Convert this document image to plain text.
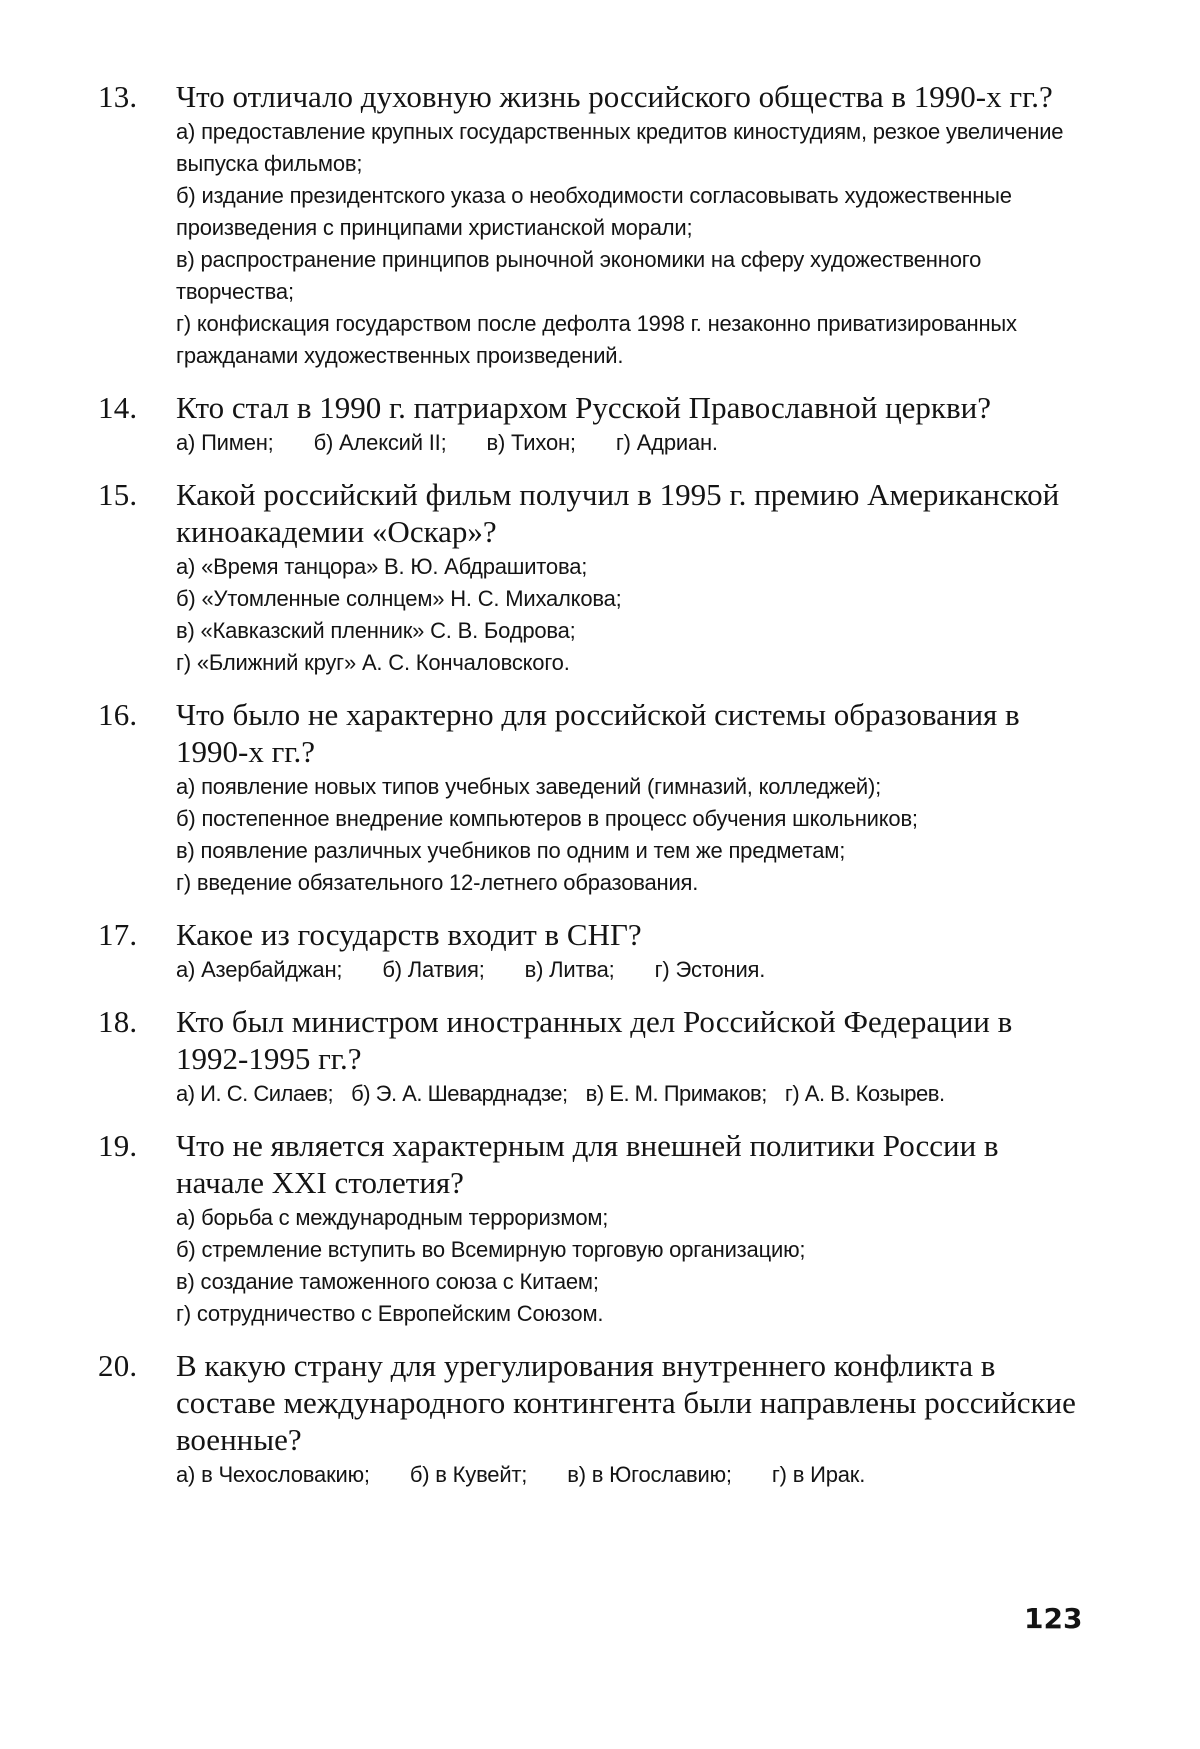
13.	Что отличало духовную жизнь российского общества в 1990-х гг.?
а) предоставление крупных государственных кредитов киностудиям, резкое увеличение выпуска фильмов;
б) издание президентского указа о необходимости согласовывать художественные произведения с принципами христианской морали;
в) распространение принципов рыночной экономики на сферу художественного творчества;
г) конфискация государством после дефолта 1998 г. незаконно приватизированных гражданами художественных произведений.
14.	Кто стал в 1990 г. патриархом Русской Православной церкви?
а) Пимен; б) Алексий II; в) Тихон; г) Адриан.
15.	Какой российский фильм получил в 1995 г. премию Американской киноакадемии «Оскар»?
а) «Время танцора» В. Ю. Абдрашитова;
б) «Утомленные солнцем» Н. С. Михалкова;
в) «Кавказский пленник» С. В. Бодрова;
г) «Ближний круг» А. С. Кончаловского.
16.	Что было не характерно для российской системы образования в 1990-х гг.?
а) появление новых типов учебных заведений (гимназий, колледжей);
б) постепенное внедрение компьютеров в процесс обучения школьников;
в) появление различных учебников по одним и тем же предметам;
г) введение обязательного 12-летнего образования.
17.	Какое из государств входит в СНГ?
а) Азербайджан; б) Латвия; в) Литва; г) Эстония.
18.	Кто был министром иностранных дел Российской Федерации в 1992-1995 гг.?
а) И. С. Силаев; б) Э. А. Шеварднадзе; в) Е. М. Примаков; г) А. В. Козырев.
19.	Что не является характерным для внешней политики России в начале XXI столетия?
а) борьба с международным терроризмом;
б) стремление вступить во Всемирную торговую организацию;
в) создание таможенного союза с Китаем;
г) сотрудничество с Европейским Союзом.
20.	В какую страну для урегулирования внутреннего конфликта в составе международного контингента были направлены российские военные?
а) в Чехословакию; б) в Кувейт; в) в Югославию; г) в Ирак.
123
